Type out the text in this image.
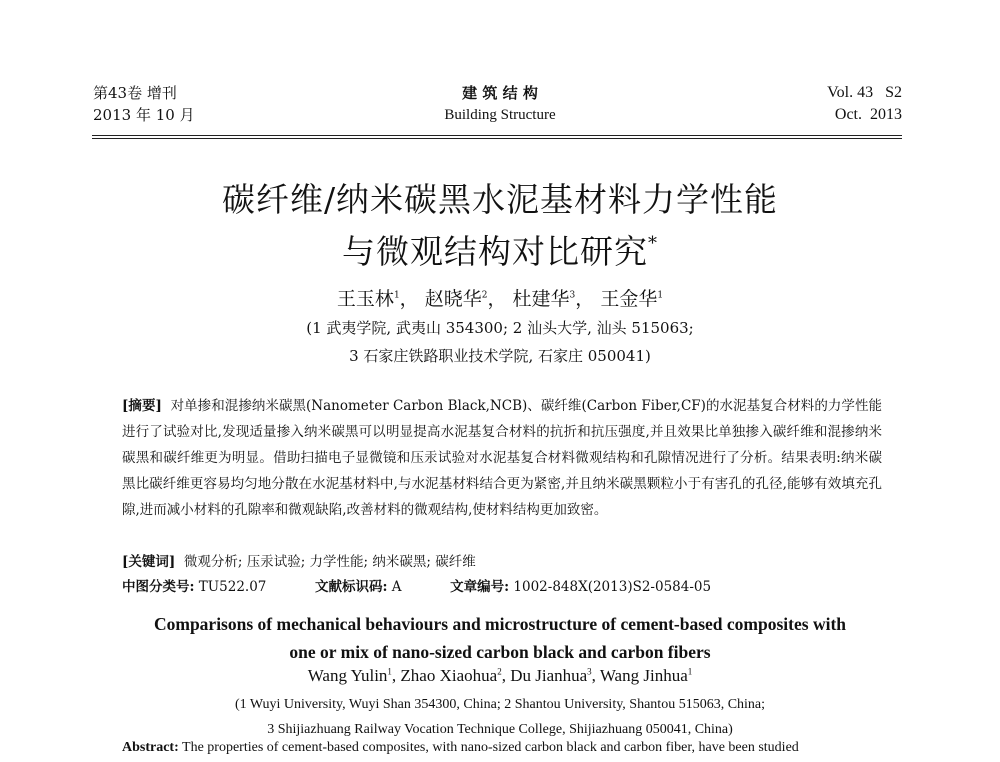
第43卷 增刊
2013 年 10 月
建 筑 结 构
Building Structure
Vol. 43   S2
Oct.  2013
碳纤维/纳米碳黑水泥基材料力学性能
与微观结构对比研究*
王玉林$^1$， 赵晓华$^2$， 杜建华$^3$， 王金华$^1$
(1 武夷学院, 武夷山 354300; 2 汕头大学, 汕头 515063;
3 石家庄铁路职业技术学院, 石家庄 050041)
[摘要] 对单掺和混掺纳米碳黑(Nanometer Carbon Black,NCB)、碳纤维(Carbon Fiber,CF)的水泥基复合材料的力学性能进行了试验对比,发现适量掺入纳米碳黑可以明显提高水泥基复合材料的抗折和抗压强度,并且效果比单独掺入碳纤维和混掺纳米碳黑和碳纤维更为明显。借助扫描电子显微镜和压汞试验对水泥基复合材料微观结构和孔隙情况进行了分析。结果表明:纳米碳黑比碳纤维更容易均匀地分散在水泥基材料中,与水泥基材料结合更为紧密,并且纳米碳黑颗粒小于有害孔的孔径,能够有效填充孔隙,进而减小材料的孔隙率和微观缺陷,改善材料的微观结构,使材料结构更加致密。
[关键词] 微观分析; 压汞试验; 力学性能; 纳米碳黑; 碳纤维
中图分类号: TU522.07	文献标识码: A	文章编号: 1002-848X(2013)S2-0584-05
Comparisons of mechanical behaviours and microstructure of cement-based composites with
one or mix of nano-sized carbon black and carbon fibers
Wang Yulin$^1$, Zhao Xiaohua$^2$, Du Jianhua$^3$, Wang Jinhua$^1$
(1 Wuyi University, Wuyi Shan 354300, China; 2 Shantou University, Shantou 515063, China;
3 Shijiazhuang Railway Vocation Technique College, Shijiazhuang 050041, China)
Abstract: The properties of cement-based composites, with nano-sized carbon black and carbon fiber, have been studied
